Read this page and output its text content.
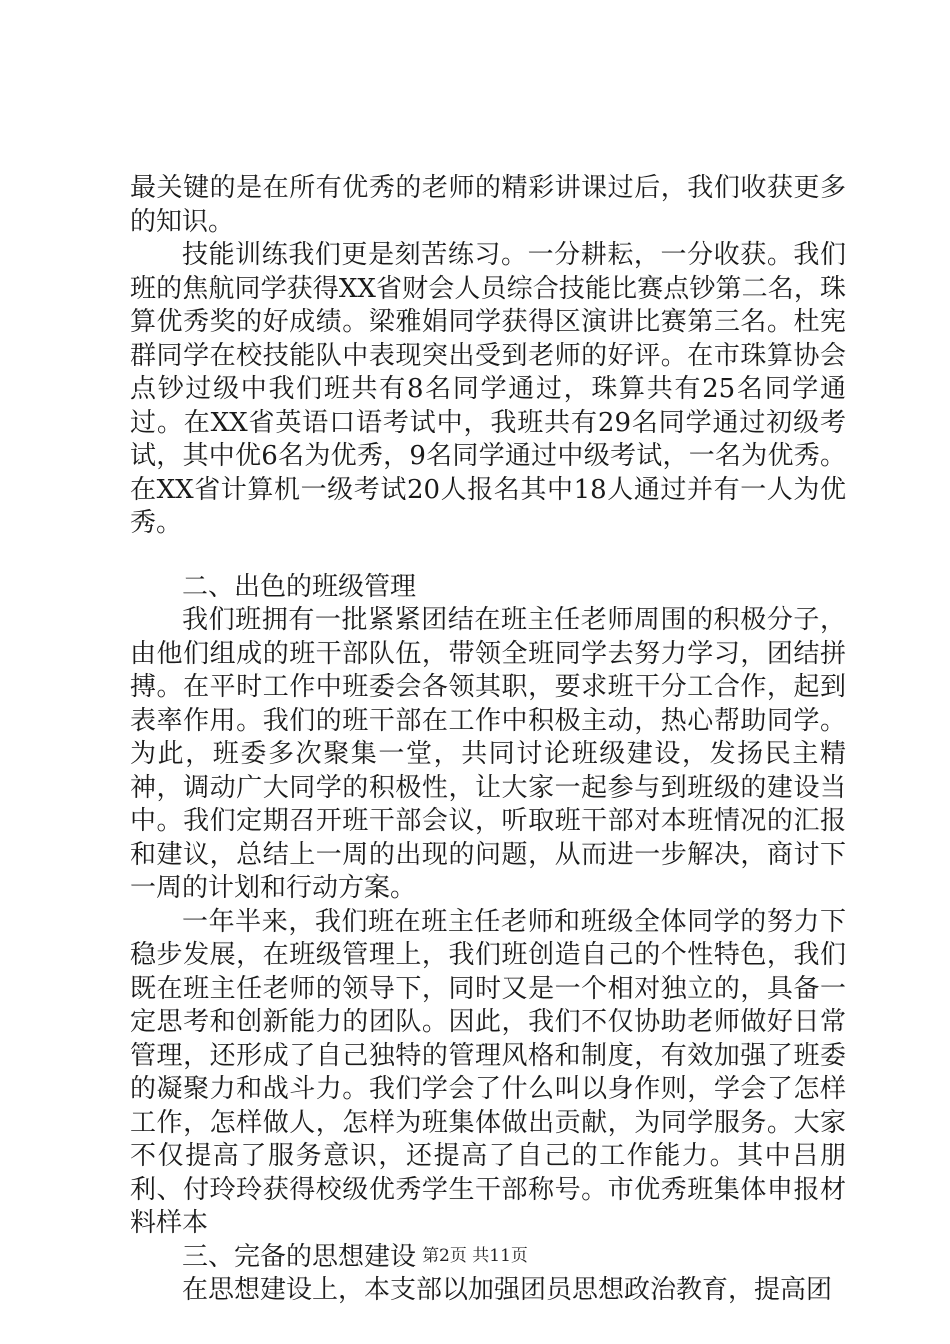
最关键的是在所有优秀的老师的精彩讲课过后，我们收获更多的知识。

技能训练我们更是刻苦练习。一分耕耘，一分收获。我们班的焦航同学获得XX省财会人员综合技能比赛点钞第二名，珠算优秀奖的好成绩。梁雅娟同学获得区演讲比赛第三名。杜宪群同学在校技能队中表现突出受到老师的好评。在市珠算协会点钞过级中我们班共有8名同学通过，珠算共有25名同学通过。在XX省英语口语考试中，我班共有29名同学通过初级考试，其中优6名为优秀，9名同学通过中级考试，一名为优秀。在XX省计算机一级考试20人报名其中18人通过并有一人为优秀。

二、出色的班级管理

我们班拥有一批紧紧团结在班主任老师周围的积极分子，由他们组成的班干部队伍，带领全班同学去努力学习，团结拼搏。在平时工作中班委会各领其职，要求班干分工合作，起到表率作用。我们的班干部在工作中积极主动，热心帮助同学。为此，班委多次聚集一堂，共同讨论班级建设，发扬民主精神，调动广大同学的积极性，让大家一起参与到班级的建设当中。我们定期召开班干部会议，听取班干部对本班情况的汇报和建议，总结上一周的出现的问题，从而进一步解决，商讨下一周的计划和行动方案。

一年半来，我们班在班主任老师和班级全体同学的努力下稳步发展，在班级管理上，我们班创造自己的个性特色，我们既在班主任老师的领导下，同时又是一个相对独立的，具备一定思考和创新能力的团队。因此，我们不仅协助老师做好日常管理，还形成了自己独特的管理风格和制度，有效加强了班委的凝聚力和战斗力。我们学会了什么叫以身作则，学会了怎样工作，怎样做人，怎样为班集体做出贡献，为同学服务。大家不仅提高了服务意识，还提高了自己的工作能力。其中吕朋利、付玲玲获得校级优秀学生干部称号。市优秀班集体申报材料样本

三、完备的思想建设

在思想建设上，本支部以加强团员思想政治教育，提高团

第2页 共11页
